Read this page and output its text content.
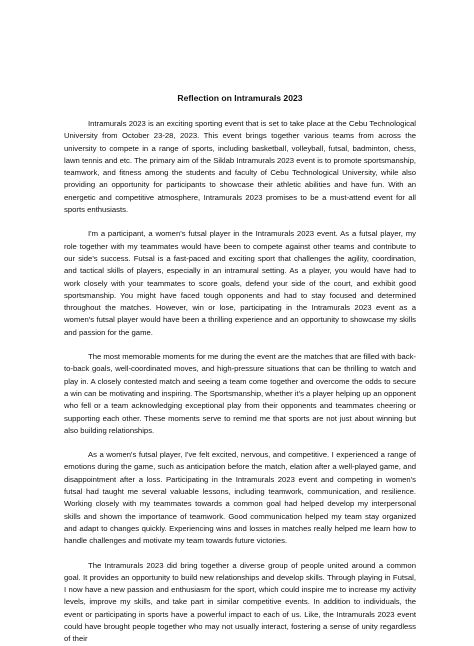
Reflection on Intramurals 2023

Intramurals 2023 is an exciting sporting event that is set to take place at the Cebu Technological University from October 23-28, 2023. This event brings together various teams from across the university to compete in a range of sports, including basketball, volleyball, futsal, badminton, chess, lawn tennis and etc. The primary aim of the Siklab Intramurals 2023 event is to promote sportsmanship, teamwork, and fitness among the students and faculty of Cebu Technological University, while also providing an opportunity for participants to showcase their athletic abilities and have fun. With an energetic and competitive atmosphere, Intramurals 2023 promises to be a must-attend event for all sports enthusiasts.

I'm a participant, a women's futsal player in the Intramurals 2023 event. As a futsal player, my role together with my teammates would have been to compete against other teams and contribute to our side's success. Futsal is a fast-paced and exciting sport that challenges the agility, coordination, and tactical skills of players, especially in an intramural setting. As a player, you would have had to work closely with your teammates to score goals, defend your side of the court, and exhibit good sportsmanship. You might have faced tough opponents and had to stay focused and determined throughout the matches. However, win or lose, participating in the Intramurals 2023 event as a women's futsal player would have been a thrilling experience and an opportunity to showcase my skills and passion for the game.

The most memorable moments for me during the event are the matches that are filled with back-to-back goals, well-coordinated moves, and high-pressure situations that can be thrilling to watch and play in. A closely contested match and seeing a team come together and overcome the odds to secure a win can be motivating and inspiring. The Sportsmanship, whether it's a player helping up an opponent who fell or a team acknowledging exceptional play from their opponents and teammates cheering or supporting each other. These moments serve to remind me that sports are not just about winning but also building relationships.

As a women's futsal player, I've felt excited, nervous, and competitive. I experienced a range of emotions during the game, such as anticipation before the match, elation after a well-played game, and disappointment after a loss. Participating in the Intramurals 2023 event and competing in women's futsal had taught me several valuable lessons, including teamwork, communication, and resilience. Working closely with my teammates towards a common goal had helped develop my interpersonal skills and shown the importance of teamwork. Good communication helped my team stay organized and adapt to changes quickly. Experiencing wins and losses in matches really helped me learn how to handle challenges and motivate my team towards future victories.

The Intramurals 2023 did bring together a diverse group of people united around a common goal. It provides an opportunity to build new relationships and develop skills. Through playing in Futsal, I now have a new passion and enthusiasm for the sport, which could inspire me to increase my activity levels, improve my skills, and take part in similar competitive events. In addition to individuals, the event or participating in sports have a powerful impact to each of us. Like, the Intramurals 2023 event could have brought people together who may not usually interact, fostering a sense of unity regardless of their
